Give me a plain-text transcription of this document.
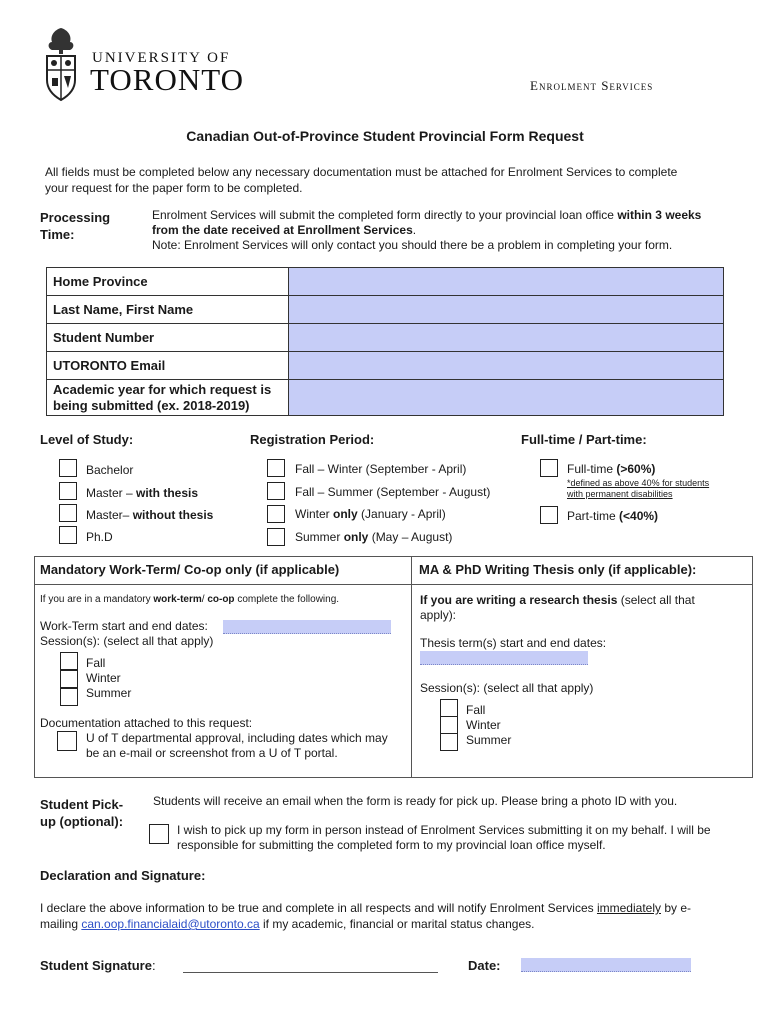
UNIVERSITY OF
TORONTO	Enrolment Services
Canadian Out-of-Province Student Provincial Form Request
All fields must be completed below any necessary documentation must be attached for Enrolment Services to complete
your request for the paper form to be completed.
Processing
Time:
Enrolment Services will submit the completed form directly to your provincial loan office within 3 weeks
from the date received at Enrollment Services.
Note: Enrolment Services will only contact you should there be a problem in completing your form.
Home Province	
Last Name, First Name	
Student Number	
UTORONTO Email	
Academic year for which request is being submitted (ex. 2018-2019)	
Level of Study:	Registration Period:	Full-time / Part-time:
Bachelor
Master – with thesis
Master– without thesis
Ph.D
Fall – Winter (September - April)
Fall – Summer (September - August)
Winter only (January - April)
Summer only (May – August)
Full-time (>60%)
*defined as above 40% for students
with permanent disabilities
Part-time (<40%)
Mandatory Work-Term/ Co-op only (if applicable)
If you are in a mandatory work-term/ co-op complete the following.
Work-Term start and end dates:
Session(s): (select all that apply)
Fall
Winter
Summer
Documentation attached to this request:
U of T departmental approval, including dates which may
be an e-mail or screenshot from a U of T portal.
MA & PhD Writing Thesis only (if applicable):
If you are writing a research thesis (select all that
apply):
Thesis term(s) start and end dates:
Session(s): (select all that apply)
Fall
Winter
Summer
Student Pick-
up (optional):
Students will receive an email when the form is ready for pick up. Please bring a photo ID with you.
I wish to pick up my form in person instead of Enrolment Services submitting it on my behalf. I will be
responsible for submitting the completed form to my provincial loan office myself.
Declaration and Signature:
I declare the above information to be true and complete in all respects and will notify Enrolment Services immediately by e-
mailing can.oop.financialaid@utoronto.ca if my academic, financial or marital status changes.
Student Signature:	Date:
